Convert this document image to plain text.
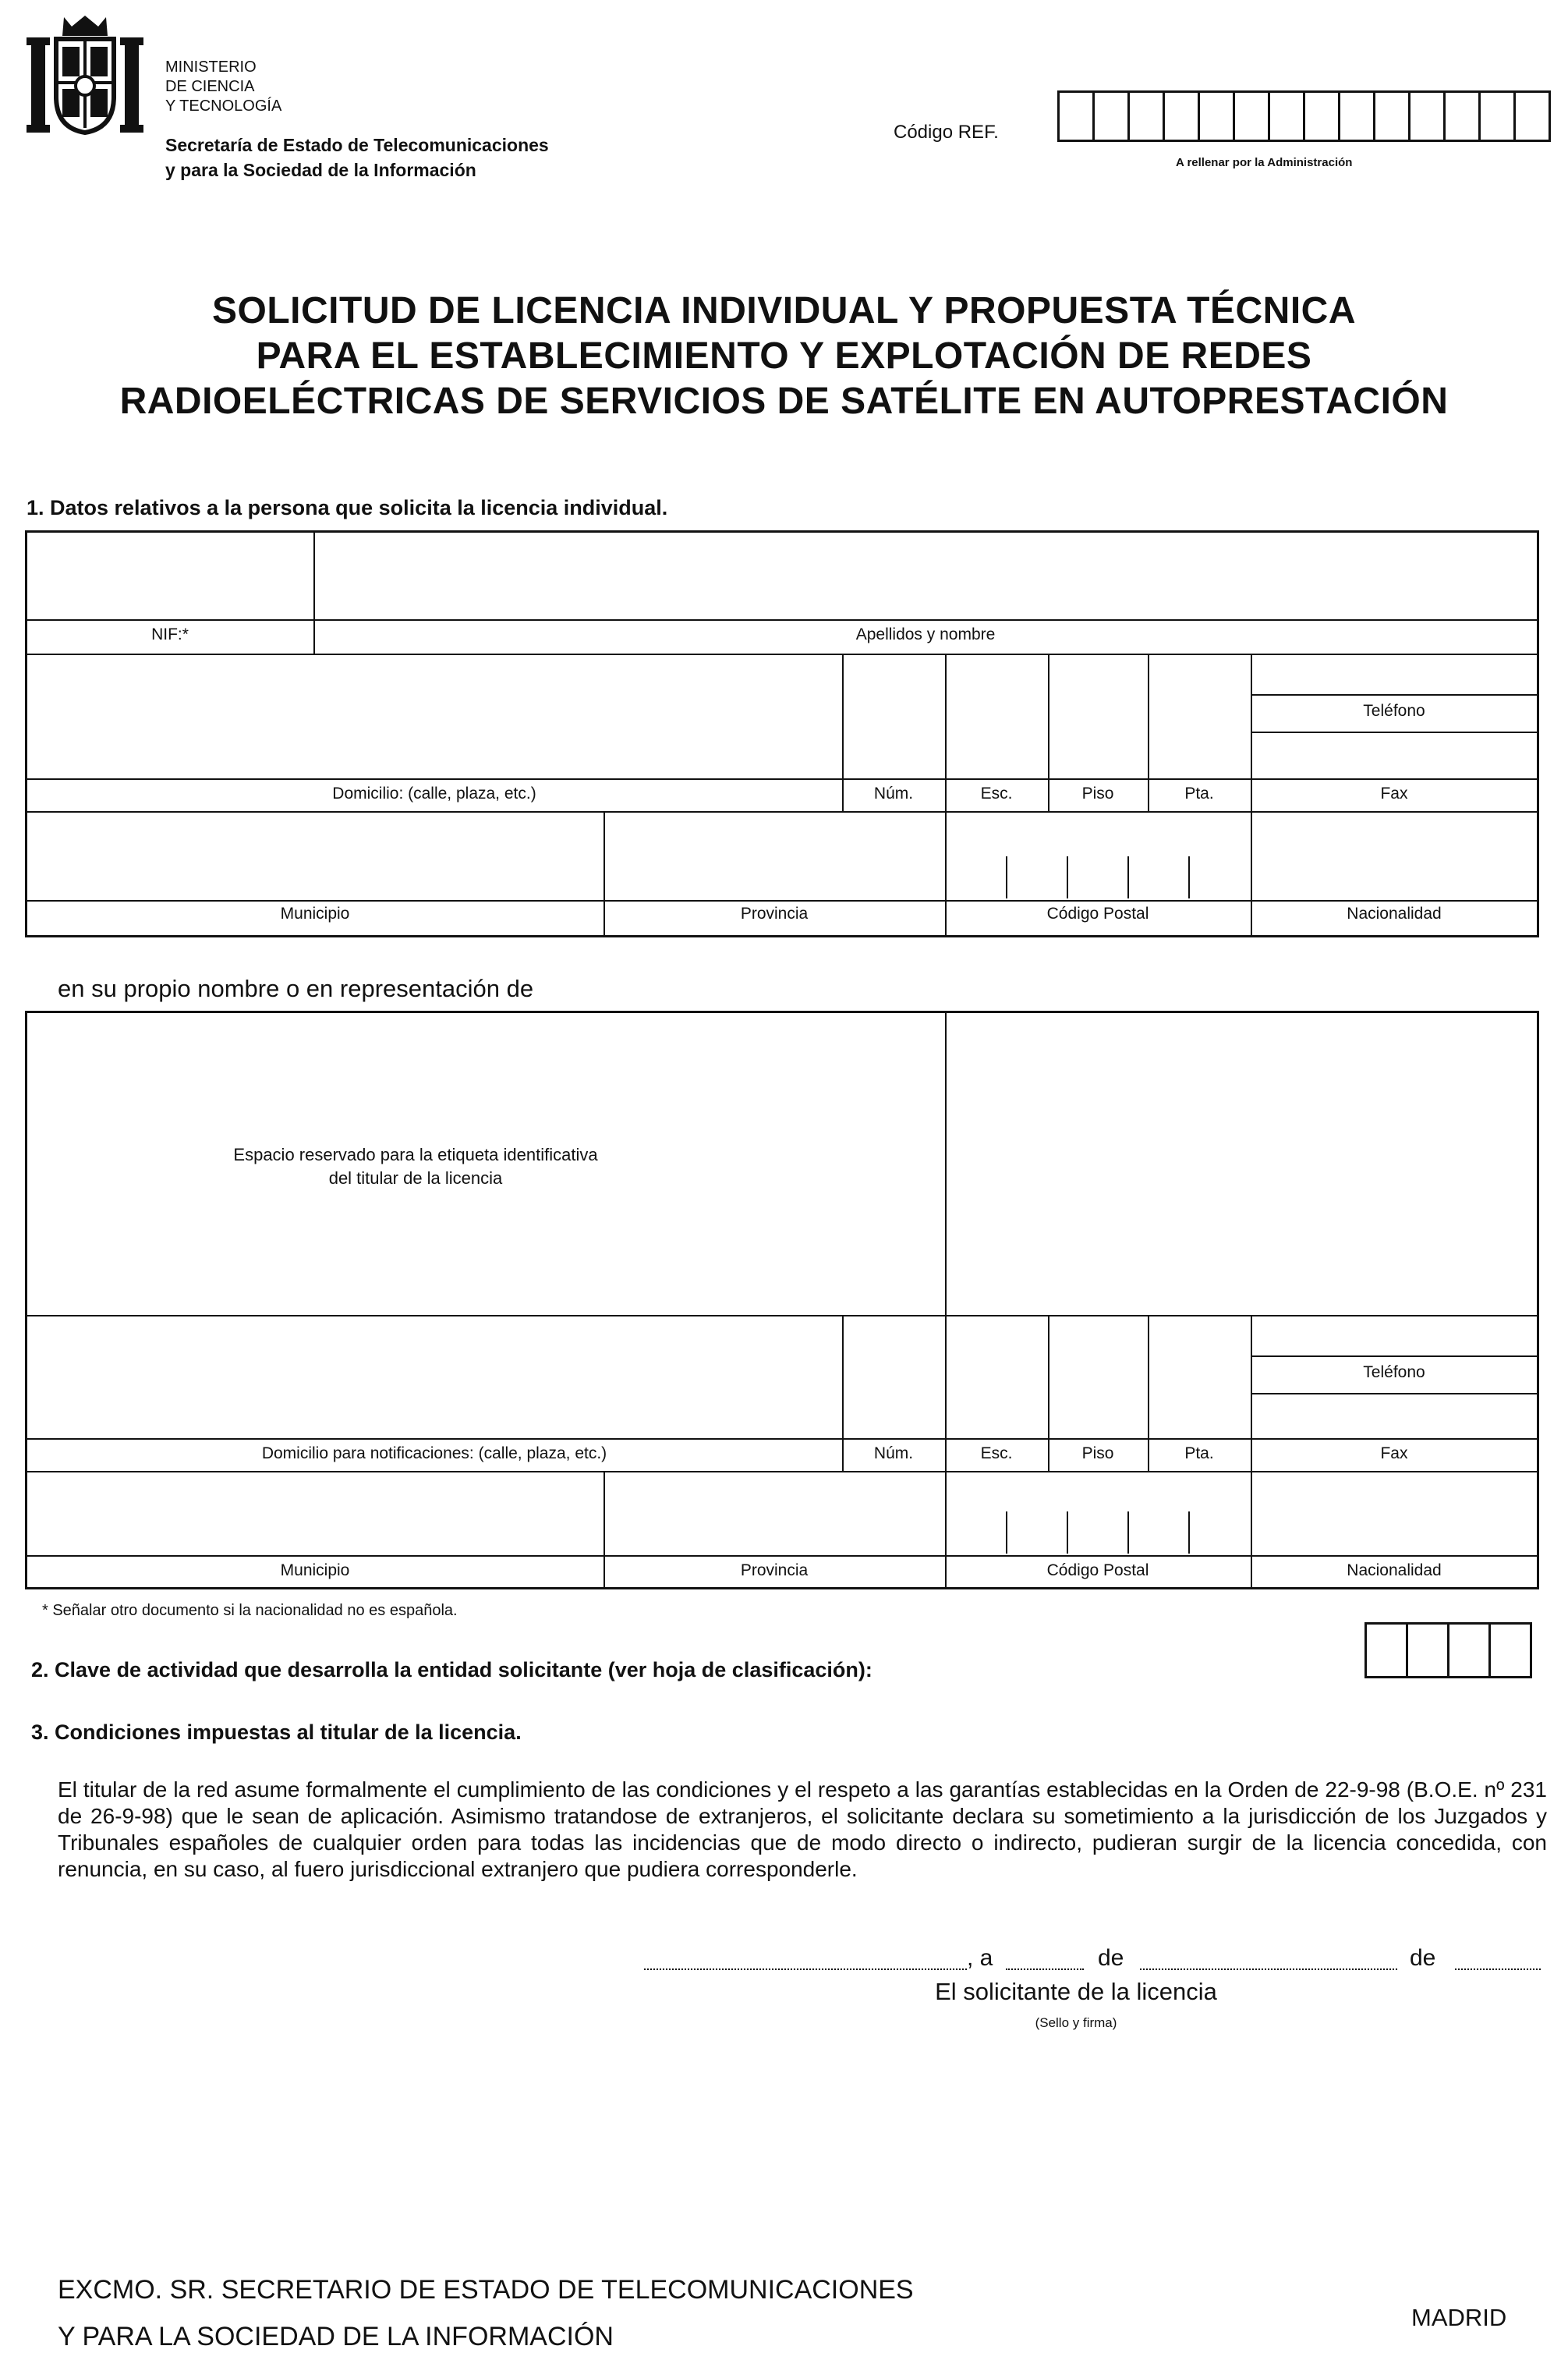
MINISTERIO
DE CIENCIA
Y TECNOLOGÍA
Secretaría de Estado de Telecomunicaciones
y para la Sociedad de la Información
Código REF.
A rellenar por la Administración
SOLICITUD DE LICENCIA INDIVIDUAL Y PROPUESTA TÉCNICA
PARA EL ESTABLECIMIENTO Y EXPLOTACIÓN DE REDES
RADIOELÉCTRICAS DE SERVICIOS DE SATÉLITE EN AUTOPRESTACIÓN
1. Datos relativos a la persona que solicita la licencia individual.
NIF:*	Apellidos y nombre
Domicilio: (calle, plaza, etc.)	Núm.	Esc.	Piso	Pta.
Teléfono
Fax
Municipio	Provincia	Código Postal	Nacionalidad
en su propio nombre o en representación de
Espacio reservado para la etiqueta identificativa
del titular de la licencia
Domicilio para notificaciones: (calle, plaza, etc.)	Núm.	Esc.	Piso	Pta.
Teléfono
Fax
Municipio	Provincia	Código Postal	Nacionalidad
* Señalar otro documento si la nacionalidad no es española.
2. Clave de actividad que desarrolla la entidad solicitante (ver hoja de clasificación):
3. Condiciones impuestas al titular de la licencia.
El titular de la red asume formalmente el cumplimiento de las condiciones y el respeto a las garantías establecidas en la Orden de 22-9-98 (B.O.E. nº 231 de 26-9-98) que le sean de aplicación. Asimismo tratandose de extranjeros, el solicitante declara su sometimiento a la jurisdicción de los Juzgados y Tribunales españoles de cualquier orden para todas las incidencias que de modo directo o indirecto, pudieran surgir de la licencia concedida, con renuncia, en su caso, al fuero jurisdiccional extranjero que pudiera corresponderle.
, a	de	de
El solicitante de la licencia
(Sello y firma)
EXCMO. SR. SECRETARIO DE ESTADO DE TELECOMUNICACIONES
Y PARA LA SOCIEDAD DE LA INFORMACIÓN
MADRID
